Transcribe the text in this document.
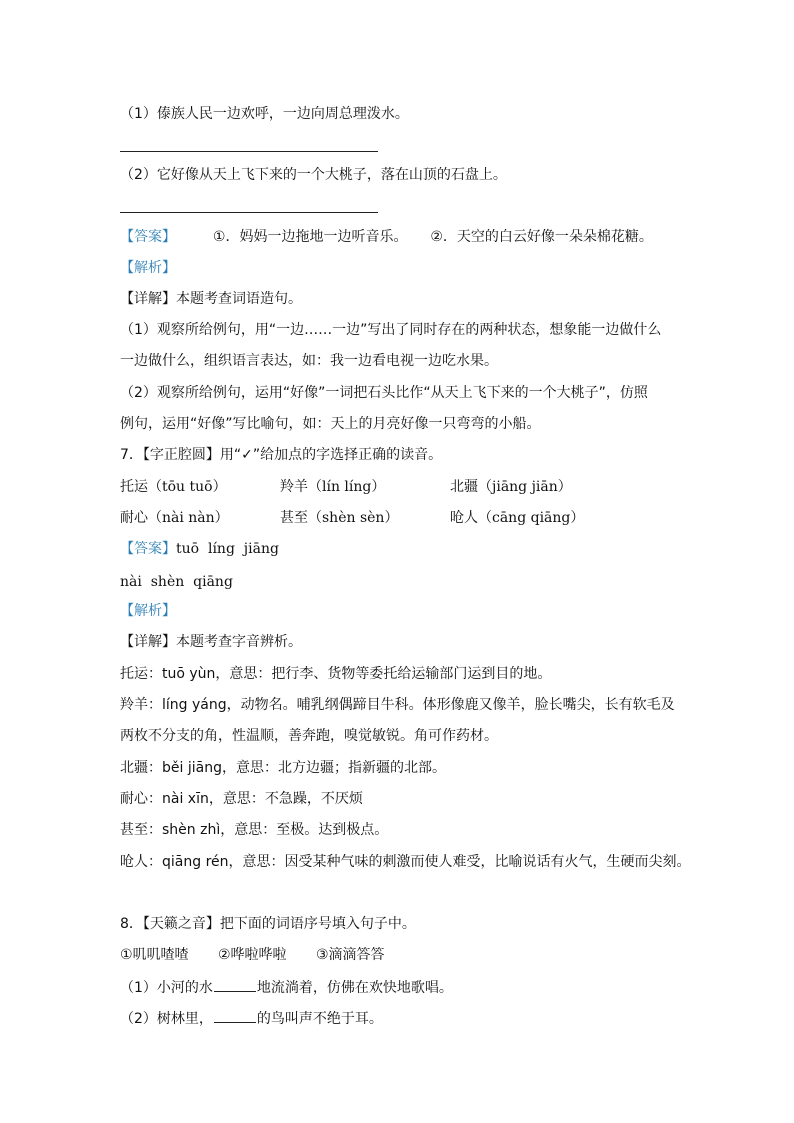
（1）傣族人民一边欢呼，一边向周总理泼水。
（2）它好像从天上飞下来的一个大桃子，落在山顶的石盘上。
【答案】	①．妈妈一边拖地一边听音乐。 ②．天空的白云好像一朵朵棉花糖。
【解析】
【详解】本题考查词语造句。
（1）观察所给例句，用“一边……一边”写出了同时存在的两种状态，想象能一边做什么
一边做什么，组织语言表达，如：我一边看电视一边吃水果。
（2）观察所给例句，运用“好像”一词把石头比作“从天上飞下来的一个大桃子”，仿照
例句，运用“好像”写比喻句，如：天上的月亮好像一只弯弯的小船。
7．【字正腔圆】用“✓”给加点的字选择正确的读音。
托运（tōu tuō）	羚羊（lín líng）	北疆（jiāng jiān）
耐心（nài nàn）	甚至（shèn sèn）	呛人（cāng qiāng）
【答案】tuō  líng  jiāng
nài  shèn  qiāng
【解析】
【详解】本题考查字音辨析。
托运：tuō yùn，意思：把行李、货物等委托给运输部门运到目的地。
羚羊：líng yáng，动物名。哺乳纲偶蹄目牛科。体形像鹿又像羊，脸长嘴尖，长有软毛及
两枚不分支的角，性温顺，善奔跑，嗅觉敏锐。角可作药材。
北疆：běi jiāng，意思：北方边疆；指新疆的北部。
耐心：nài xīn，意思：不急躁，不厌烦
甚至：shèn zhì，意思：至极。达到极点。
呛人：qiāng rén，意思：因受某种气味的刺激而使人难受，比喻说话有火气，生硬而尖刻。
8．【天籁之音】把下面的词语序号填入句子中。
①叽叽喳喳 ②哗啦哗啦 ③滴滴答答
（1）小河的水	地流淌着，仿佛在欢快地歌唱。
（2）树林里，	的鸟叫声不绝于耳。
